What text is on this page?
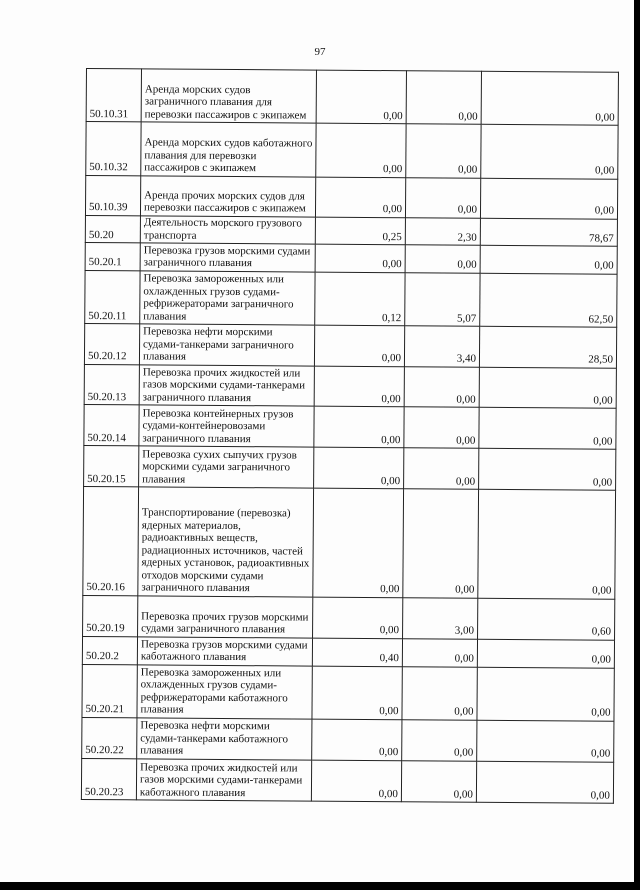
97
50.10.31	Аренда морских судов заграничного плавания для перевозки пассажиров с экипажем	0,00	0,00	0,00
50.10.32	Аренда морских судов каботажного плавания для перевозки пассажиров с экипажем	0,00	0,00	0,00
50.10.39	Аренда прочих морских судов для перевозки пассажиров с экипажем	0,00	0,00	0,00
50.20	Деятельность морского грузового транспорта	0,25	2,30	78,67
50.20.1	Перевозка грузов морскими судами заграничного плавания	0,00	0,00	0,00
50.20.11	Перевозка замороженных или охлажденных грузов судами-рефрижераторами заграничного плавания	0,12	5,07	62,50
50.20.12	Перевозка нефти морскими судами-танкерами заграничного плавания	0,00	3,40	28,50
50.20.13	Перевозка прочих жидкостей или газов морскими судами-танкерами заграничного плавания	0,00	0,00	0,00
50.20.14	Перевозка контейнерных грузов судами-контейнеровозами заграничного плавания	0,00	0,00	0,00
50.20.15	Перевозка сухих сыпучих грузов морскими судами заграничного плавания	0,00	0,00	0,00
50.20.16	Транспортирование (перевозка) ядерных материалов, радиоактивных веществ, радиационных источников, частей ядерных установок, радиоактивных отходов морскими судами заграничного плавания	0,00	0,00	0,00
50.20.19	Перевозка прочих грузов морскими судами заграничного плавания	0,00	3,00	0,60
50.20.2	Перевозка грузов морскими судами каботажного плавания	0,40	0,00	0,00
50.20.21	Перевозка замороженных или охлажденных грузов судами-рефрижераторами каботажного плавания	0,00	0,00	0,00
50.20.22	Перевозка нефти морскими судами-танкерами каботажного плавания	0,00	0,00	0,00
50.20.23	Перевозка прочих жидкостей или газов морскими судами-танкерами каботажного плавания	0,00	0,00	0,00
